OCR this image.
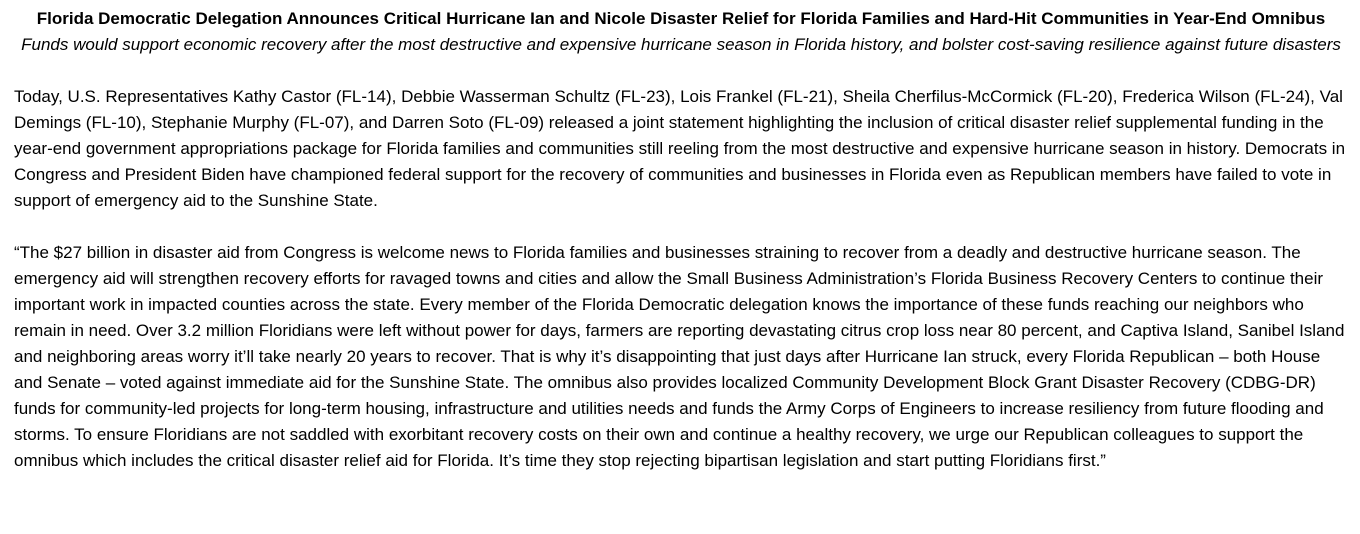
Florida Democratic Delegation Announces Critical Hurricane Ian and Nicole Disaster Relief for Florida Families and Hard-Hit Communities in Year-End Omnibus

Funds would support economic recovery after the most destructive and expensive hurricane season in Florida history, and bolster cost-saving resilience against future disasters

Today, U.S. Representatives Kathy Castor (FL-14), Debbie Wasserman Schultz (FL-23), Lois Frankel (FL-21), Sheila Cherfilus-McCormick (FL-20), Frederica Wilson (FL-24), Val Demings (FL-10), Stephanie Murphy (FL-07), and Darren Soto (FL-09) released a joint statement highlighting the inclusion of critical disaster relief supplemental funding in the year-end government appropriations package for Florida families and communities still reeling from the most destructive and expensive hurricane season in history. Democrats in Congress and President Biden have championed federal support for the recovery of communities and businesses in Florida even as Republican members have failed to vote in support of emergency aid to the Sunshine State.

“The $27 billion in disaster aid from Congress is welcome news to Florida families and businesses straining to recover from a deadly and destructive hurricane season. The emergency aid will strengthen recovery efforts for ravaged towns and cities and allow the Small Business Administration’s Florida Business Recovery Centers to continue their important work in impacted counties across the state. Every member of the Florida Democratic delegation knows the importance of these funds reaching our neighbors who remain in need. Over 3.2 million Floridians were left without power for days, farmers are reporting devastating citrus crop loss near 80 percent, and Captiva Island, Sanibel Island and neighboring areas worry it’ll take nearly 20 years to recover. That is why it’s disappointing that just days after Hurricane Ian struck, every Florida Republican – both House and Senate – voted against immediate aid for the Sunshine State. The omnibus also provides localized Community Development Block Grant Disaster Recovery (CDBG-DR) funds for community-led projects for long-term housing, infrastructure and utilities needs and funds the Army Corps of Engineers to increase resiliency from future flooding and storms. To ensure Floridians are not saddled with exorbitant recovery costs on their own and continue a healthy recovery, we urge our Republican colleagues to support the omnibus which includes the critical disaster relief aid for Florida. It’s time they stop rejecting bipartisan legislation and start putting Floridians first.”
